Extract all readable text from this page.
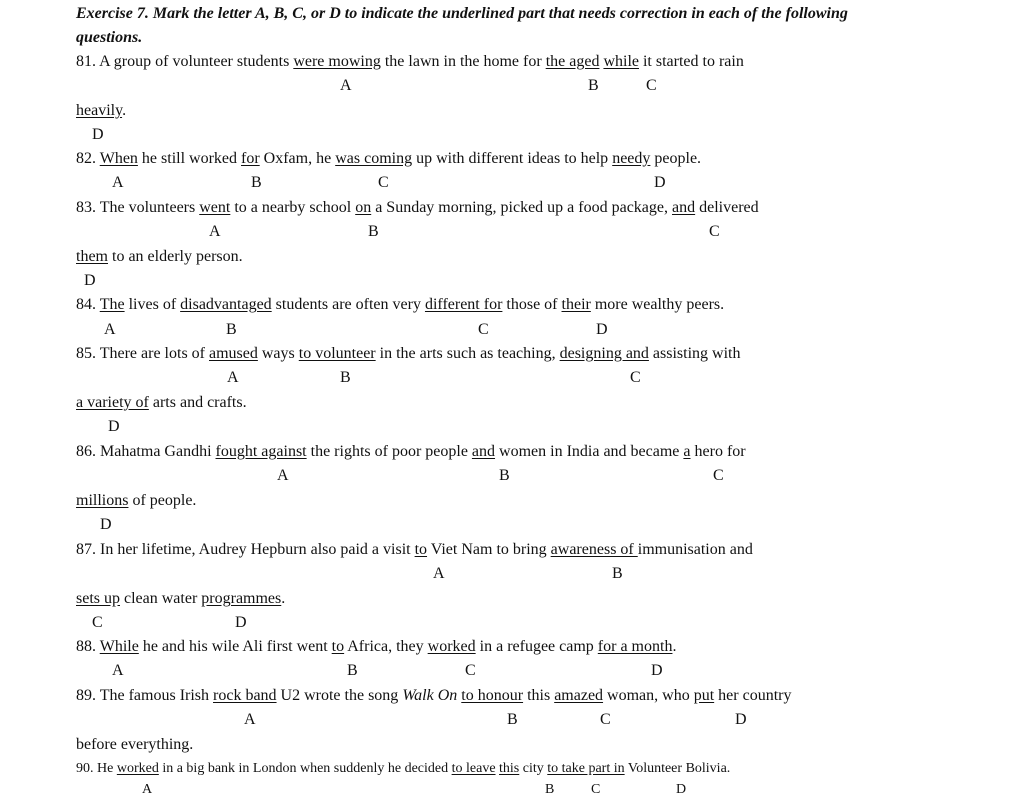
Exercise 7. Mark the letter A, B, C, or D to indicate the underlined part that needs correction in each of the following
questions.
81. A group of volunteer students were mowing the lawn in the home for the aged while it started to rain
A	B	C
heavily.
D
82. When he still worked for Oxfam, he was coming up with different ideas to help needy people.
A	B	C	D
83. The volunteers went to a nearby school on a Sunday morning, picked up a food package, and delivered
A	B	C
them to an elderly person.
D
84. The lives of disadvantaged students are often very different for those of their more wealthy peers.
A	B	C	D
85. There are lots of amused ways to volunteer in the arts such as teaching, designing and assisting with
A	B	C
a variety of arts and crafts.
D
86. Mahatma Gandhi fought against the rights of poor people and women in India and became a hero for
A	B	C
millions of people.
D
87. In her lifetime, Audrey Hepburn also paid a visit to Viet Nam to bring awareness of immunisation and
A	B
sets up clean water programmes.
C	D
88. While he and his wile Ali first went to Africa, they worked in a refugee camp for a month.
A	B	C	D
89. The famous Irish rock band U2 wrote the song Walk On to honour this amazed woman, who put her country
A	B	C	D
before everything.
90. He worked in a big bank in London when suddenly he decided to leave this city to take part in Volunteer Bolivia.
A	B	C	D
